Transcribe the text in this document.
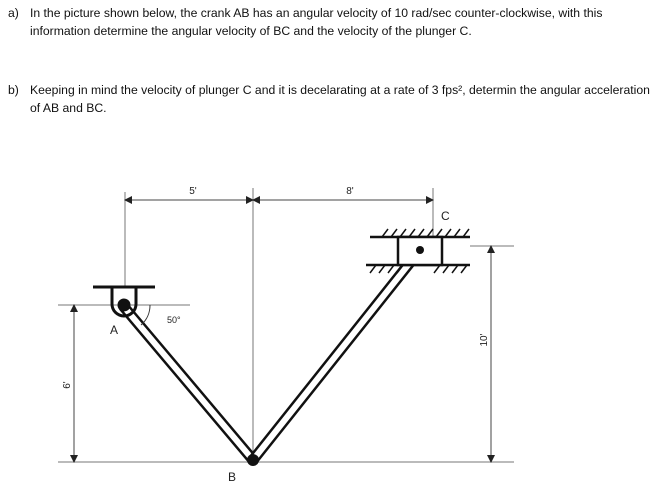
a) In the picture shown below, the crank AB has an angular velocity of 10 rad/sec counter-clockwise, with this information determine the angular velocity of BC and the velocity of the plunger C.
b) Keeping in mind the velocity of plunger C and it is decelarating at a rate of 3 fps², determin the angular acceleration of AB and BC.
5'	8'
6'
10'
50°
A
B
C
